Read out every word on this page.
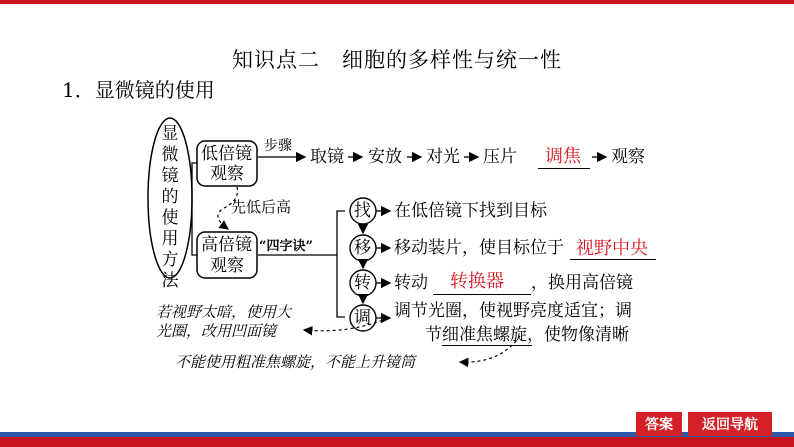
知识点二　细胞的多样性与统一性
1．显微镜的使用
显
微
镜
的
使
用
方
法
低倍镜
观察
步骤
取镜 安放 对光 压片 调焦 观察
先低后高
高倍镜
观察
“四字诀”
找
移
转
调
在低倍镜下找到目标
移动装片，使目标位于 视野中央
转动 转换器 ，换用高倍镜
调节光圈，使视野亮度适宜；调
节细准焦螺旋，使物像清晰
若视野太暗，使用大
光圈，改用凹面镜
不能使用粗准焦螺旋，不能上升镜筒
答案	返回导航
